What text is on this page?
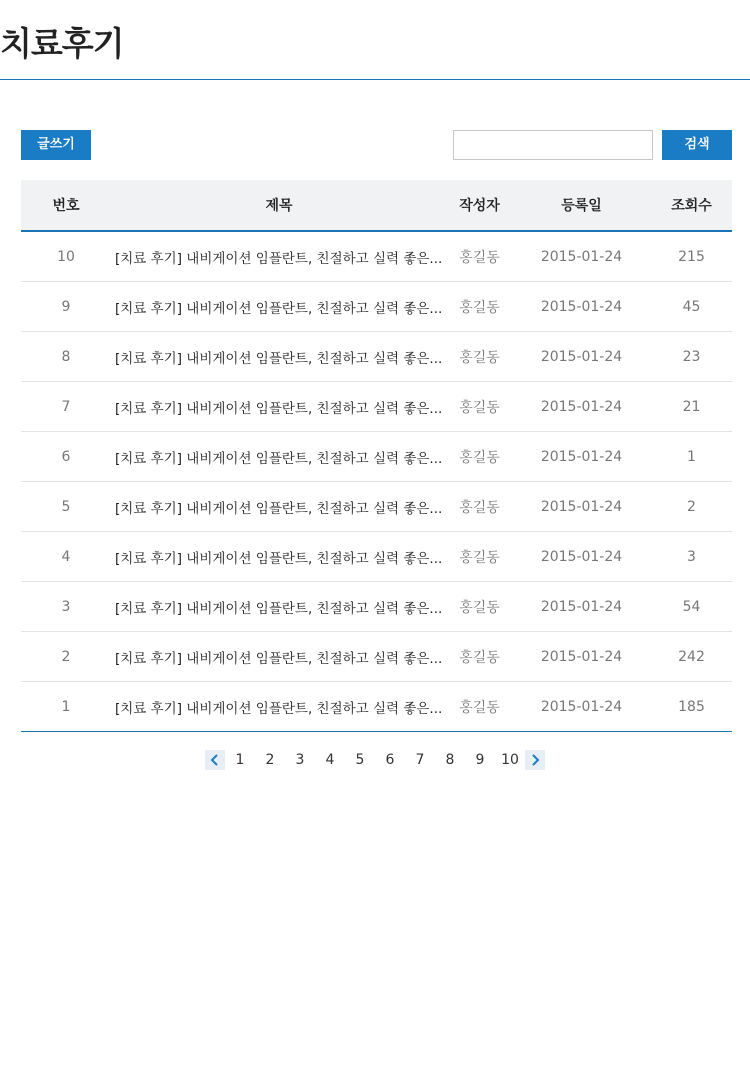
치료후기
글쓰기	검색
번호	제목	작성자	등록일	조회수
10	[치료 후기] 내비게이션 임플란트, 친절하고 실력 좋은...	홍길동	2015-01-24	215
9	[치료 후기] 내비게이션 임플란트, 친절하고 실력 좋은...	홍길동	2015-01-24	45
8	[치료 후기] 내비게이션 임플란트, 친절하고 실력 좋은...	홍길동	2015-01-24	23
7	[치료 후기] 내비게이션 임플란트, 친절하고 실력 좋은...	홍길동	2015-01-24	21
6	[치료 후기] 내비게이션 임플란트, 친절하고 실력 좋은...	홍길동	2015-01-24	1
5	[치료 후기] 내비게이션 임플란트, 친절하고 실력 좋은...	홍길동	2015-01-24	2
4	[치료 후기] 내비게이션 임플란트, 친절하고 실력 좋은...	홍길동	2015-01-24	3
3	[치료 후기] 내비게이션 임플란트, 친절하고 실력 좋은...	홍길동	2015-01-24	54
2	[치료 후기] 내비게이션 임플란트, 친절하고 실력 좋은...	홍길동	2015-01-24	242
1	[치료 후기] 내비게이션 임플란트, 친절하고 실력 좋은...	홍길동	2015-01-24	185
1	2	3	4	5	6	7	8	9	10
